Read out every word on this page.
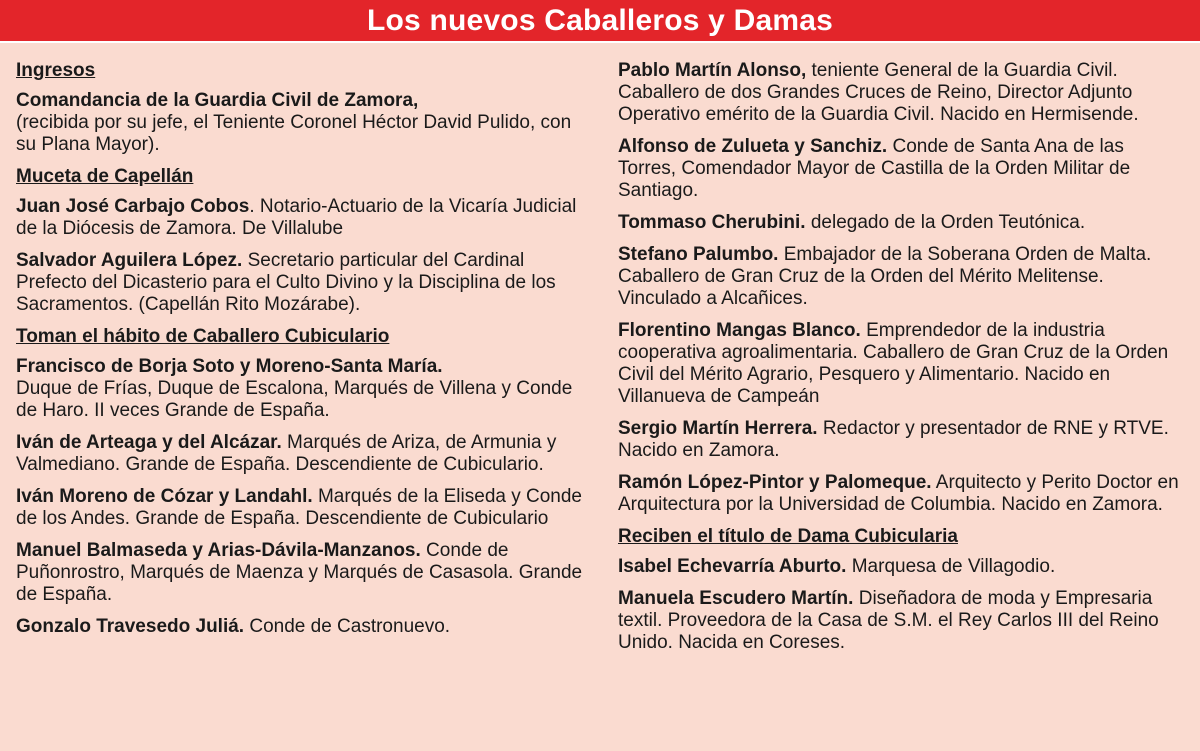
Los nuevos Caballeros y Damas
Ingresos

Comandancia de la Guardia Civil de Zamora,
(recibida por su jefe, el Teniente Coronel Héctor David Pulido, con su Plana Mayor).

Muceta de Capellán

Juan José Carbajo Cobos. Notario-Actuario de la Vicaría Judicial de la Diócesis de Zamora. De Villalube

Salvador Aguilera López. Secretario particular del Cardinal Prefecto del Dicasterio para el Culto Divino y la Disciplina de los Sacramentos. (Capellán Rito Mozárabe).

Toman el hábito de Caballero Cubiculario

Francisco de Borja Soto y Moreno-Santa María.
Duque de Frías, Duque de Escalona, Marqués de Villena y Conde de Haro. II veces Grande de España.

Iván de Arteaga y del Alcázar. Marqués de Ariza, de Armunia y Valmediano. Grande de España. Descendiente de Cubiculario.

Iván Moreno de Cózar y Landahl. Marqués de la Eliseda y Conde de los Andes. Grande de España. Descendiente de Cubiculario

Manuel Balmaseda y Arias-Dávila-Manzanos. Conde de Puñonrostro, Marqués de Maenza y Marqués de Casasola. Grande de España.

Gonzalo Travesedo Juliá. Conde de Castronuevo.

Pablo Martín Alonso, teniente General de la Guardia Civil. Caballero de dos Grandes Cruces de Reino, Director Adjunto Operativo emérito de la Guardia Civil. Nacido en Hermisende.

Alfonso de Zulueta y Sanchiz. Conde de Santa Ana de las Torres, Comendador Mayor de Castilla de la Orden Militar de Santiago.

Tommaso Cherubini. delegado de la Orden Teutónica.

Stefano Palumbo. Embajador de la Soberana Orden de Malta. Caballero de Gran Cruz de la Orden del Mérito Melitense. Vinculado a Alcañices.

Florentino Mangas Blanco. Emprendedor de la industria cooperativa agroalimentaria. Caballero de Gran Cruz de la Orden Civil del Mérito Agrario, Pesquero y Alimentario. Nacido en Villanueva de Campeán

Sergio Martín Herrera. Redactor y presentador de RNE y RTVE. Nacido en Zamora.

Ramón López-Pintor y Palomeque. Arquitecto y Perito Doctor en Arquitectura por la Universidad de Columbia. Nacido en Zamora.

Reciben el título de Dama Cubicularia

Isabel Echevarría Aburto. Marquesa de Villagodio.

Manuela Escudero Martín. Diseñadora de moda y Empresaria textil. Proveedora de la Casa de S.M. el Rey Carlos III del Reino Unido. Nacida en Coreses.
